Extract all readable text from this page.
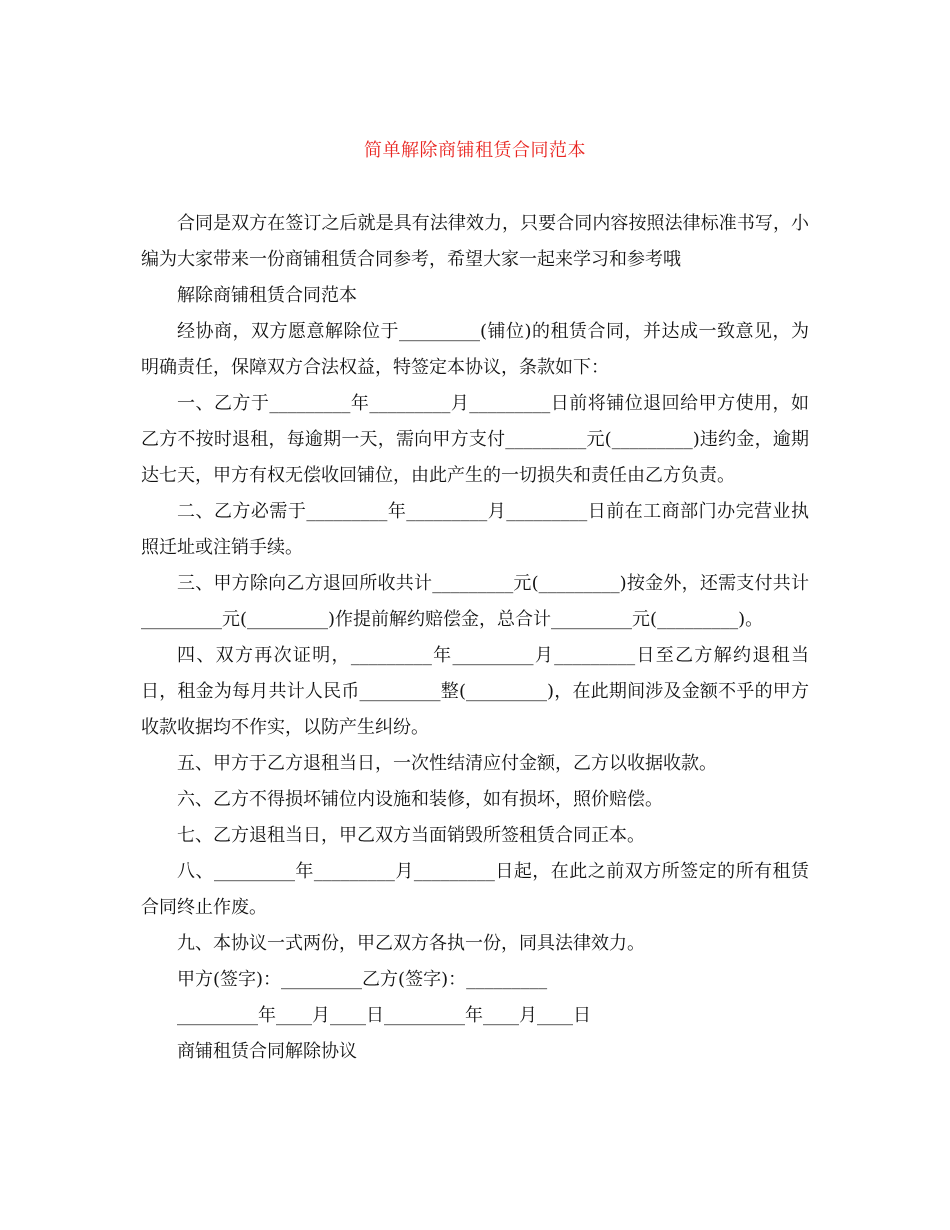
简单解除商铺租赁合同范本

合同是双方在签订之后就是具有法律效力，只要合同内容按照法律标准书写，小编为大家带来一份商铺租赁合同参考，希望大家一起来学习和参考哦

解除商铺租赁合同范本

经协商，双方愿意解除位于_________(铺位)的租赁合同，并达成一致意见，为明确责任，保障双方合法权益，特签定本协议，条款如下：

一、乙方于_________年_________月_________日前将铺位退回给甲方使用，如乙方不按时退租，每逾期一天，需向甲方支付_________元(_________)违约金，逾期达七天，甲方有权无偿收回铺位，由此产生的一切损失和责任由乙方负责。

二、乙方必需于_________年_________月_________日前在工商部门办完营业执照迁址或注销手续。

三、甲方除向乙方退回所收共计_________元(_________)按金外，还需支付共计_________元(_________)作提前解约赔偿金，总合计_________元(_________)。

四、双方再次证明，_________年_________月_________日至乙方解约退租当日，租金为每月共计人民币_________整(_________)，在此期间涉及金额不乎的甲方收款收据均不作实，以防产生纠纷。

五、甲方于乙方退租当日，一次性结清应付金额，乙方以收据收款。

六、乙方不得损坏铺位内设施和装修，如有损坏，照价赔偿。

七、乙方退租当日，甲乙双方当面销毁所签租赁合同正本。

八、_________年_________月_________日起，在此之前双方所签定的所有租赁合同终止作废。

九、本协议一式两份，甲乙双方各执一份，同具法律效力。

甲方(签字)：_________乙方(签字)：_________

_________年____月____日_________年____月____日

商铺租赁合同解除协议
